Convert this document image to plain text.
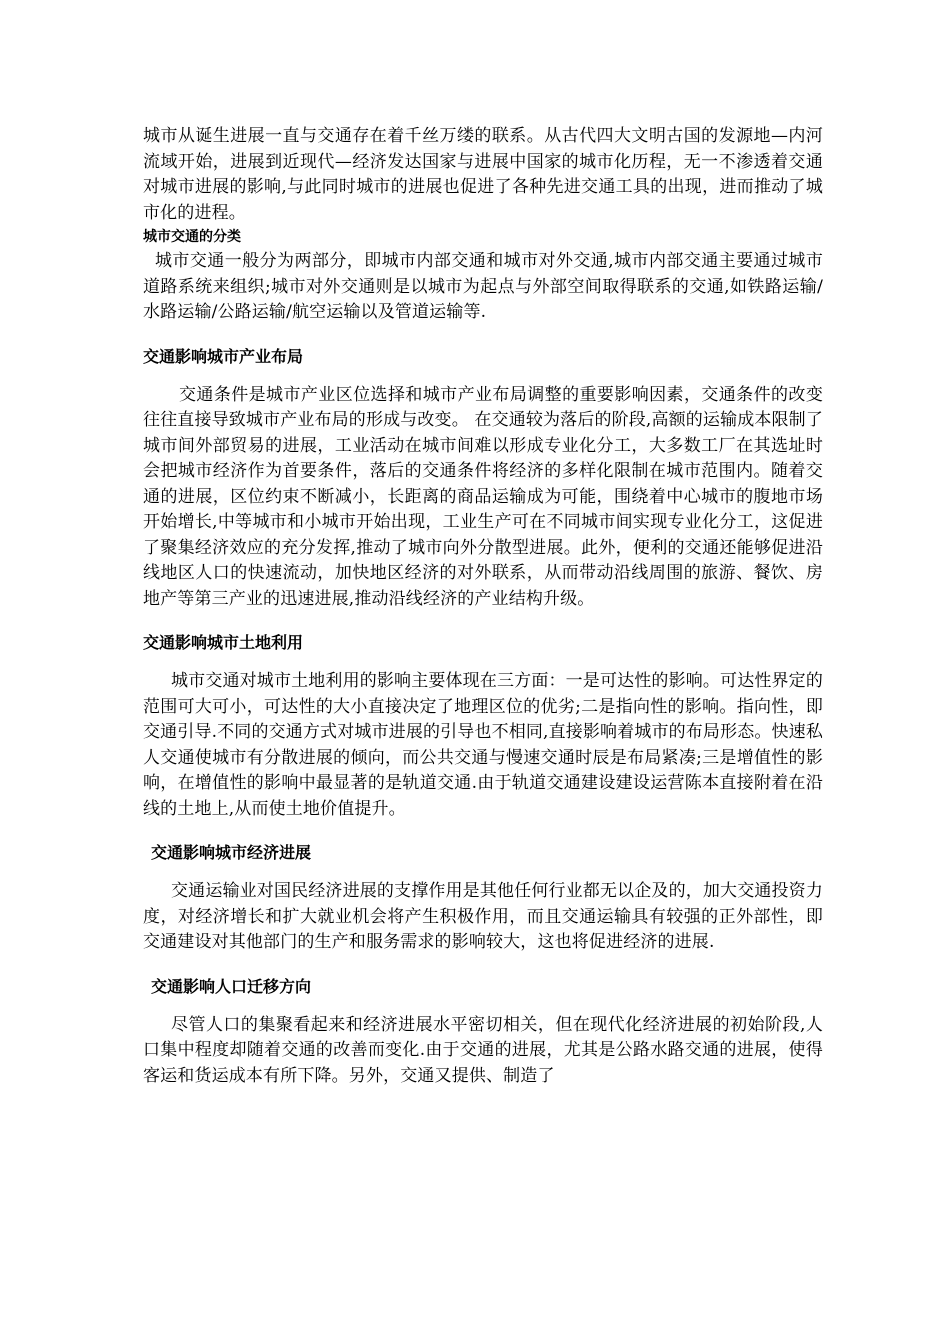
城市从诞生进展一直与交通存在着千丝万缕的联系。从古代四大文明古国的发源地—内河流域开始，进展到近现代—经济发达国家与进展中国家的城市化历程，无一不渗透着交通对城市进展的影响,与此同时城市的进展也促进了各种先进交通工具的出现，进而推动了城市化的进程。

城市交通的分类

城市交通一般分为两部分，即城市内部交通和城市对外交通,城市内部交通主要通过城市道路系统来组织;城市对外交通则是以城市为起点与外部空间取得联系的交通,如铁路运输/水路运输/公路运输/航空运输以及管道运输等.

交通影响城市产业布局

交通条件是城市产业区位选择和城市产业布局调整的重要影响因素，交通条件的改变往往直接导致城市产业布局的形成与改变。 在交通较为落后的阶段,高额的运输成本限制了城市间外部贸易的进展，工业活动在城市间难以形成专业化分工，大多数工厂在其选址时会把城市经济作为首要条件，落后的交通条件将经济的多样化限制在城市范围内。随着交通的进展，区位约束不断减小，长距离的商品运输成为可能，围绕着中心城市的腹地市场开始增长,中等城市和小城市开始出现，工业生产可在不同城市间实现专业化分工，这促进了聚集经济效应的充分发挥,推动了城市向外分散型进展。此外，便利的交通还能够促进沿线地区人口的快速流动，加快地区经济的对外联系，从而带动沿线周围的旅游、餐饮、房地产等第三产业的迅速进展,推动沿线经济的产业结构升级。

交通影响城市土地利用

城市交通对城市土地利用的影响主要体现在三方面：一是可达性的影响。可达性界定的范围可大可小，可达性的大小直接决定了地理区位的优劣;二是指向性的影响。指向性，即交通引导.不同的交通方式对城市进展的引导也不相同,直接影响着城市的布局形态。快速私人交通使城市有分散进展的倾向，而公共交通与慢速交通时辰是布局紧凑;三是增值性的影响，在增值性的影响中最显著的是轨道交通.由于轨道交通建设建设运营陈本直接附着在沿线的土地上,从而使土地价值提升。

交通影响城市经济进展

交通运输业对国民经济进展的支撑作用是其他任何行业都无以企及的，加大交通投资力度，对经济增长和扩大就业机会将产生积极作用，而且交通运输具有较强的正外部性，即交通建设对其他部门的生产和服务需求的影响较大，这也将促进经济的进展.

交通影响人口迁移方向

尽管人口的集聚看起来和经济进展水平密切相关，但在现代化经济进展的初始阶段,人口集中程度却随着交通的改善而变化.由于交通的进展，尤其是公路水路交通的进展，使得客运和货运成本有所下降。另外，交通又提供、制造了
